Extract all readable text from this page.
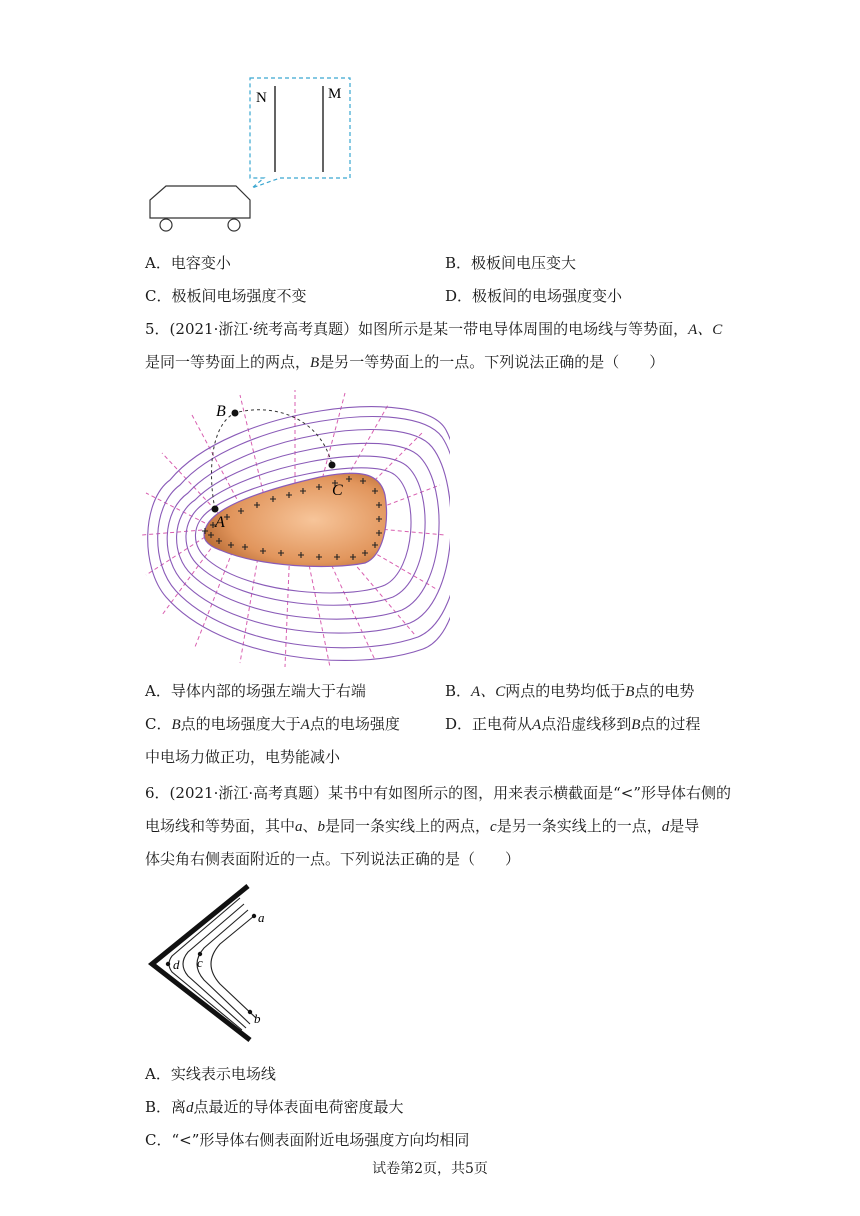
N	M
A．电容变小	B．极板间电压变大
C．极板间电场强度不变	D．极板间的电场强度变小
5．(2021·浙江·统考高考真题）如图所示是某一带电导体周围的电场线与等势面，A、C
是同一等势面上的两点，B是另一等势面上的一点。下列说法正确的是（　　）
A
B
C
A．导体内部的场强左端大于右端	B．A、C两点的电势均低于B点的电势
C．B点的电场强度大于A点的电场强度	D．正电荷从A点沿虚线移到B点的过程
中电场力做正功，电势能减小
6．(2021·浙江·高考真题）某书中有如图所示的图，用来表示横截面是“<”形导体右侧的
电场线和等势面，其中a、b是同一条实线上的两点，c是另一条实线上的一点，d是导
体尖角右侧表面附近的一点。下列说法正确的是（　　）
a
b
c
d
A．实线表示电场线
B．离d点最近的导体表面电荷密度最大
C．“<”形导体右侧表面附近电场强度方向均相同
试卷第2页，共5页
